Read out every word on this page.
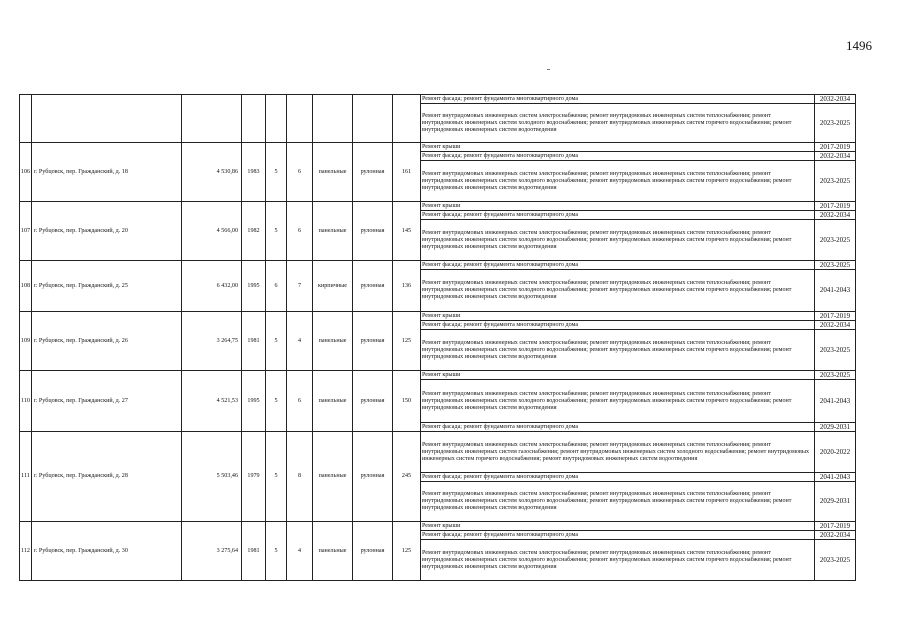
1496
									Ремонт фасада; ремонт фундамента многоквартирного дома	2032-2034
									Ремонт внутридомовых инженерных систем электроснабжения; ремонт внутридомовых инженерных систем теплоснабжения; ремонт внутридомовых инженерных систем холодного водоснабжения; ремонт внутридомовых инженерных систем горячего водоснабжения; ремонт внутридомовых инженерных систем водоотведения	2023-2025
106	г. Рубцовск, пер. Гражданский, д. 18	4 530,86	1983	5	6	панельные	рулонная	161	Ремонт крыши	2017-2019
									Ремонт фасада; ремонт фундамента многоквартирного дома	2032-2034
									Ремонт внутридомовых инженерных систем электроснабжения; ремонт внутридомовых инженерных систем теплоснабжения; ремонт внутридомовых инженерных систем холодного водоснабжения; ремонт внутридомовых инженерных систем горячего водоснабжения; ремонт внутридомовых инженерных систем водоотведения	2023-2025
107	г. Рубцовск, пер. Гражданский, д. 20	4 566,00	1982	5	6	панельные	рулонная	145	Ремонт крыши	2017-2019
									Ремонт фасада; ремонт фундамента многоквартирного дома	2032-2034
									Ремонт внутридомовых инженерных систем электроснабжения; ремонт внутридомовых инженерных систем теплоснабжения; ремонт внутридомовых инженерных систем холодного водоснабжения; ремонт внутридомовых инженерных систем горячего водоснабжения; ремонт внутридомовых инженерных систем водоотведения	2023-2025
108	г. Рубцовск, пер. Гражданский, д. 25	6 432,00	1995	6	7	кирпичные	рулонная	136	Ремонт фасада; ремонт фундамента многоквартирного дома	2023-2025
									Ремонт внутридомовых инженерных систем электроснабжения; ремонт внутридомовых инженерных систем теплоснабжения; ремонт внутридомовых инженерных систем холодного водоснабжения; ремонт внутридомовых инженерных систем горячего водоснабжения; ремонт внутридомовых инженерных систем водоотведения	2041-2043
109	г. Рубцовск, пер. Гражданский, д. 26	3 264,75	1981	5	4	панельные	рулонная	125	Ремонт крыши	2017-2019
									Ремонт фасада; ремонт фундамента многоквартирного дома	2032-2034
									Ремонт внутридомовых инженерных систем электроснабжения; ремонт внутридомовых инженерных систем теплоснабжения; ремонт внутридомовых инженерных систем холодного водоснабжения; ремонт внутридомовых инженерных систем горячего водоснабжения; ремонт внутридомовых инженерных систем водоотведения	2023-2025
110	г. Рубцовск, пер. Гражданский, д. 27	4 521,53	1995	5	6	панельные	рулонная	150	Ремонт крыши	2023-2025
									Ремонт внутридомовых инженерных систем электроснабжения; ремонт внутридомовых инженерных систем теплоснабжения; ремонт внутридомовых инженерных систем холодного водоснабжения; ремонт внутридомовых инженерных систем горячего водоснабжения; ремонт внутридомовых инженерных систем водоотведения	2041-2043
									Ремонт фасада; ремонт фундамента многоквартирного дома	2029-2031
111	г. Рубцовск, пер. Гражданский, д. 28	5 503,46	1979	5	8	панельные	рулонная	245	Ремонт внутридомовых инженерных систем электроснабжения; ремонт внутридомовых инженерных систем теплоснабжения; ремонт внутридомовых инженерных систем газоснабжения; ремонт внутридомовых инженерных систем холодного водоснабжения; ремонт внутридомовых инженерных систем горячего водоснабжения; ремонт внутридомовых инженерных систем водоотведения	2020-2022
									Ремонт фасада; ремонт фундамента многоквартирного дома	2041-2043
									Ремонт внутридомовых инженерных систем электроснабжения; ремонт внутридомовых инженерных систем теплоснабжения; ремонт внутридомовых инженерных систем холодного водоснабжения; ремонт внутридомовых инженерных систем горячего водоснабжения; ремонт внутридомовых инженерных систем водоотведения	2029-2031
112	г. Рубцовск, пер. Гражданский, д. 30	3 275,64	1981	5	4	панельные	рулонная	125	Ремонт крыши	2017-2019
									Ремонт фасада; ремонт фундамента многоквартирного дома	2032-2034
									Ремонт внутридомовых инженерных систем электроснабжения; ремонт внутридомовых инженерных систем теплоснабжения; ремонт внутридомовых инженерных систем холодного водоснабжения; ремонт внутридомовых инженерных систем горячего водоснабжения; ремонт внутридомовых инженерных систем водоотведения	2023-2025
